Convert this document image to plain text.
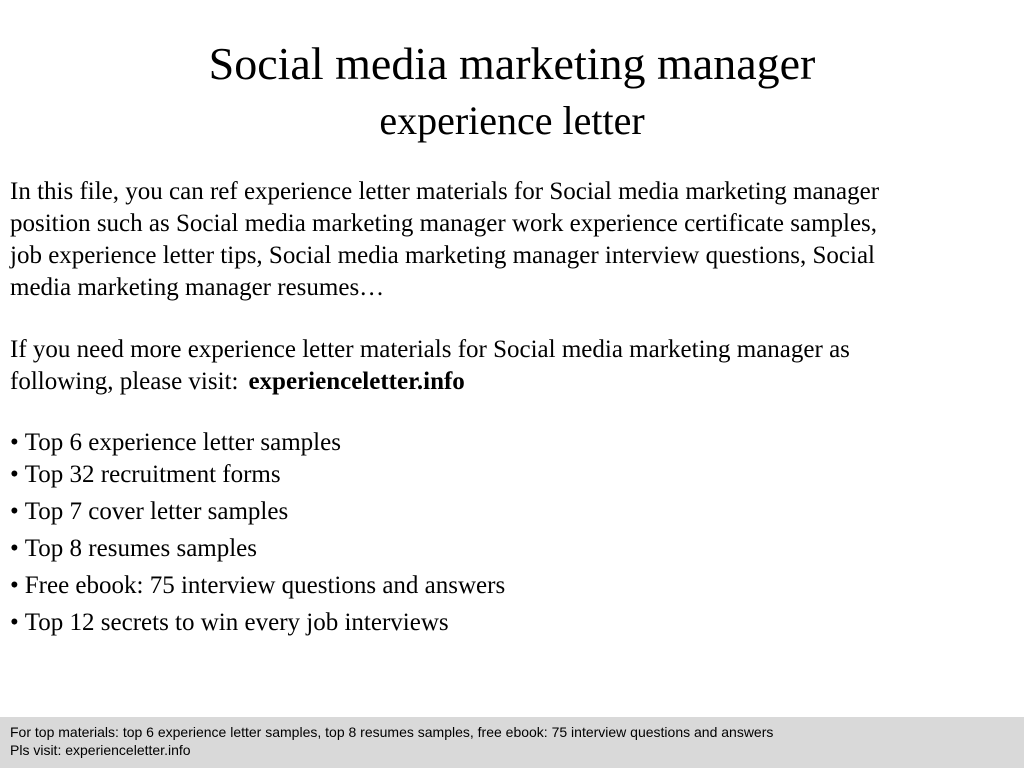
Social media marketing manager
experience letter

In this file, you can ref experience letter materials for Social media marketing manager
position such as Social media marketing manager work experience certificate samples,
job experience letter tips, Social media marketing manager interview questions, Social
media marketing manager resumes…

If you need more experience letter materials for Social media marketing manager as
following, please visit: experienceletter.info

• Top 6 experience letter samples
• Top 32 recruitment forms
• Top 7 cover letter samples
• Top 8 resumes samples
• Free ebook: 75 interview questions and answers
• Top 12 secrets to win every job interviews
For top materials: top 6 experience letter samples, top 8 resumes samples, free ebook: 75 interview questions and answers
Pls visit: experienceletter.info
